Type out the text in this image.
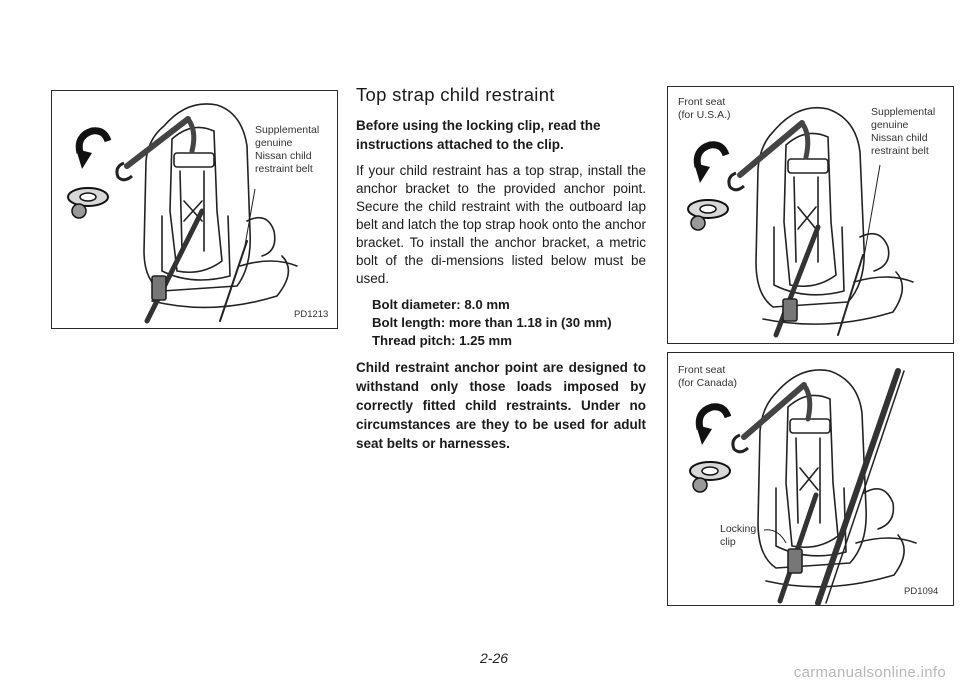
Supplemental
genuine
Nissan child
restraint belt

PD1213
Top strap child restraint

Before using the locking clip, read the instructions attached to the clip.

If your child restraint has a top strap, install the anchor bracket to the provided anchor point. Secure the child restraint with the outboard lap belt and latch the top strap hook onto the anchor bracket. To install the anchor bracket, a metric bolt of the di-mensions listed below must be used.

Bolt diameter: 8.0 mm
Bolt length: more than 1.18 in (30 mm)
Thread pitch: 1.25 mm

Child restraint anchor point are designed to withstand only those loads imposed by correctly fitted child restraints. Under no circumstances are they to be used for adult seat belts or harnesses.

Front seat
(for U.S.A.)	Supplemental
genuine
Nissan child
restraint belt

Front seat
(for Canada)

Locking
clip

PD1094
2-26
carmanualsonline.info
